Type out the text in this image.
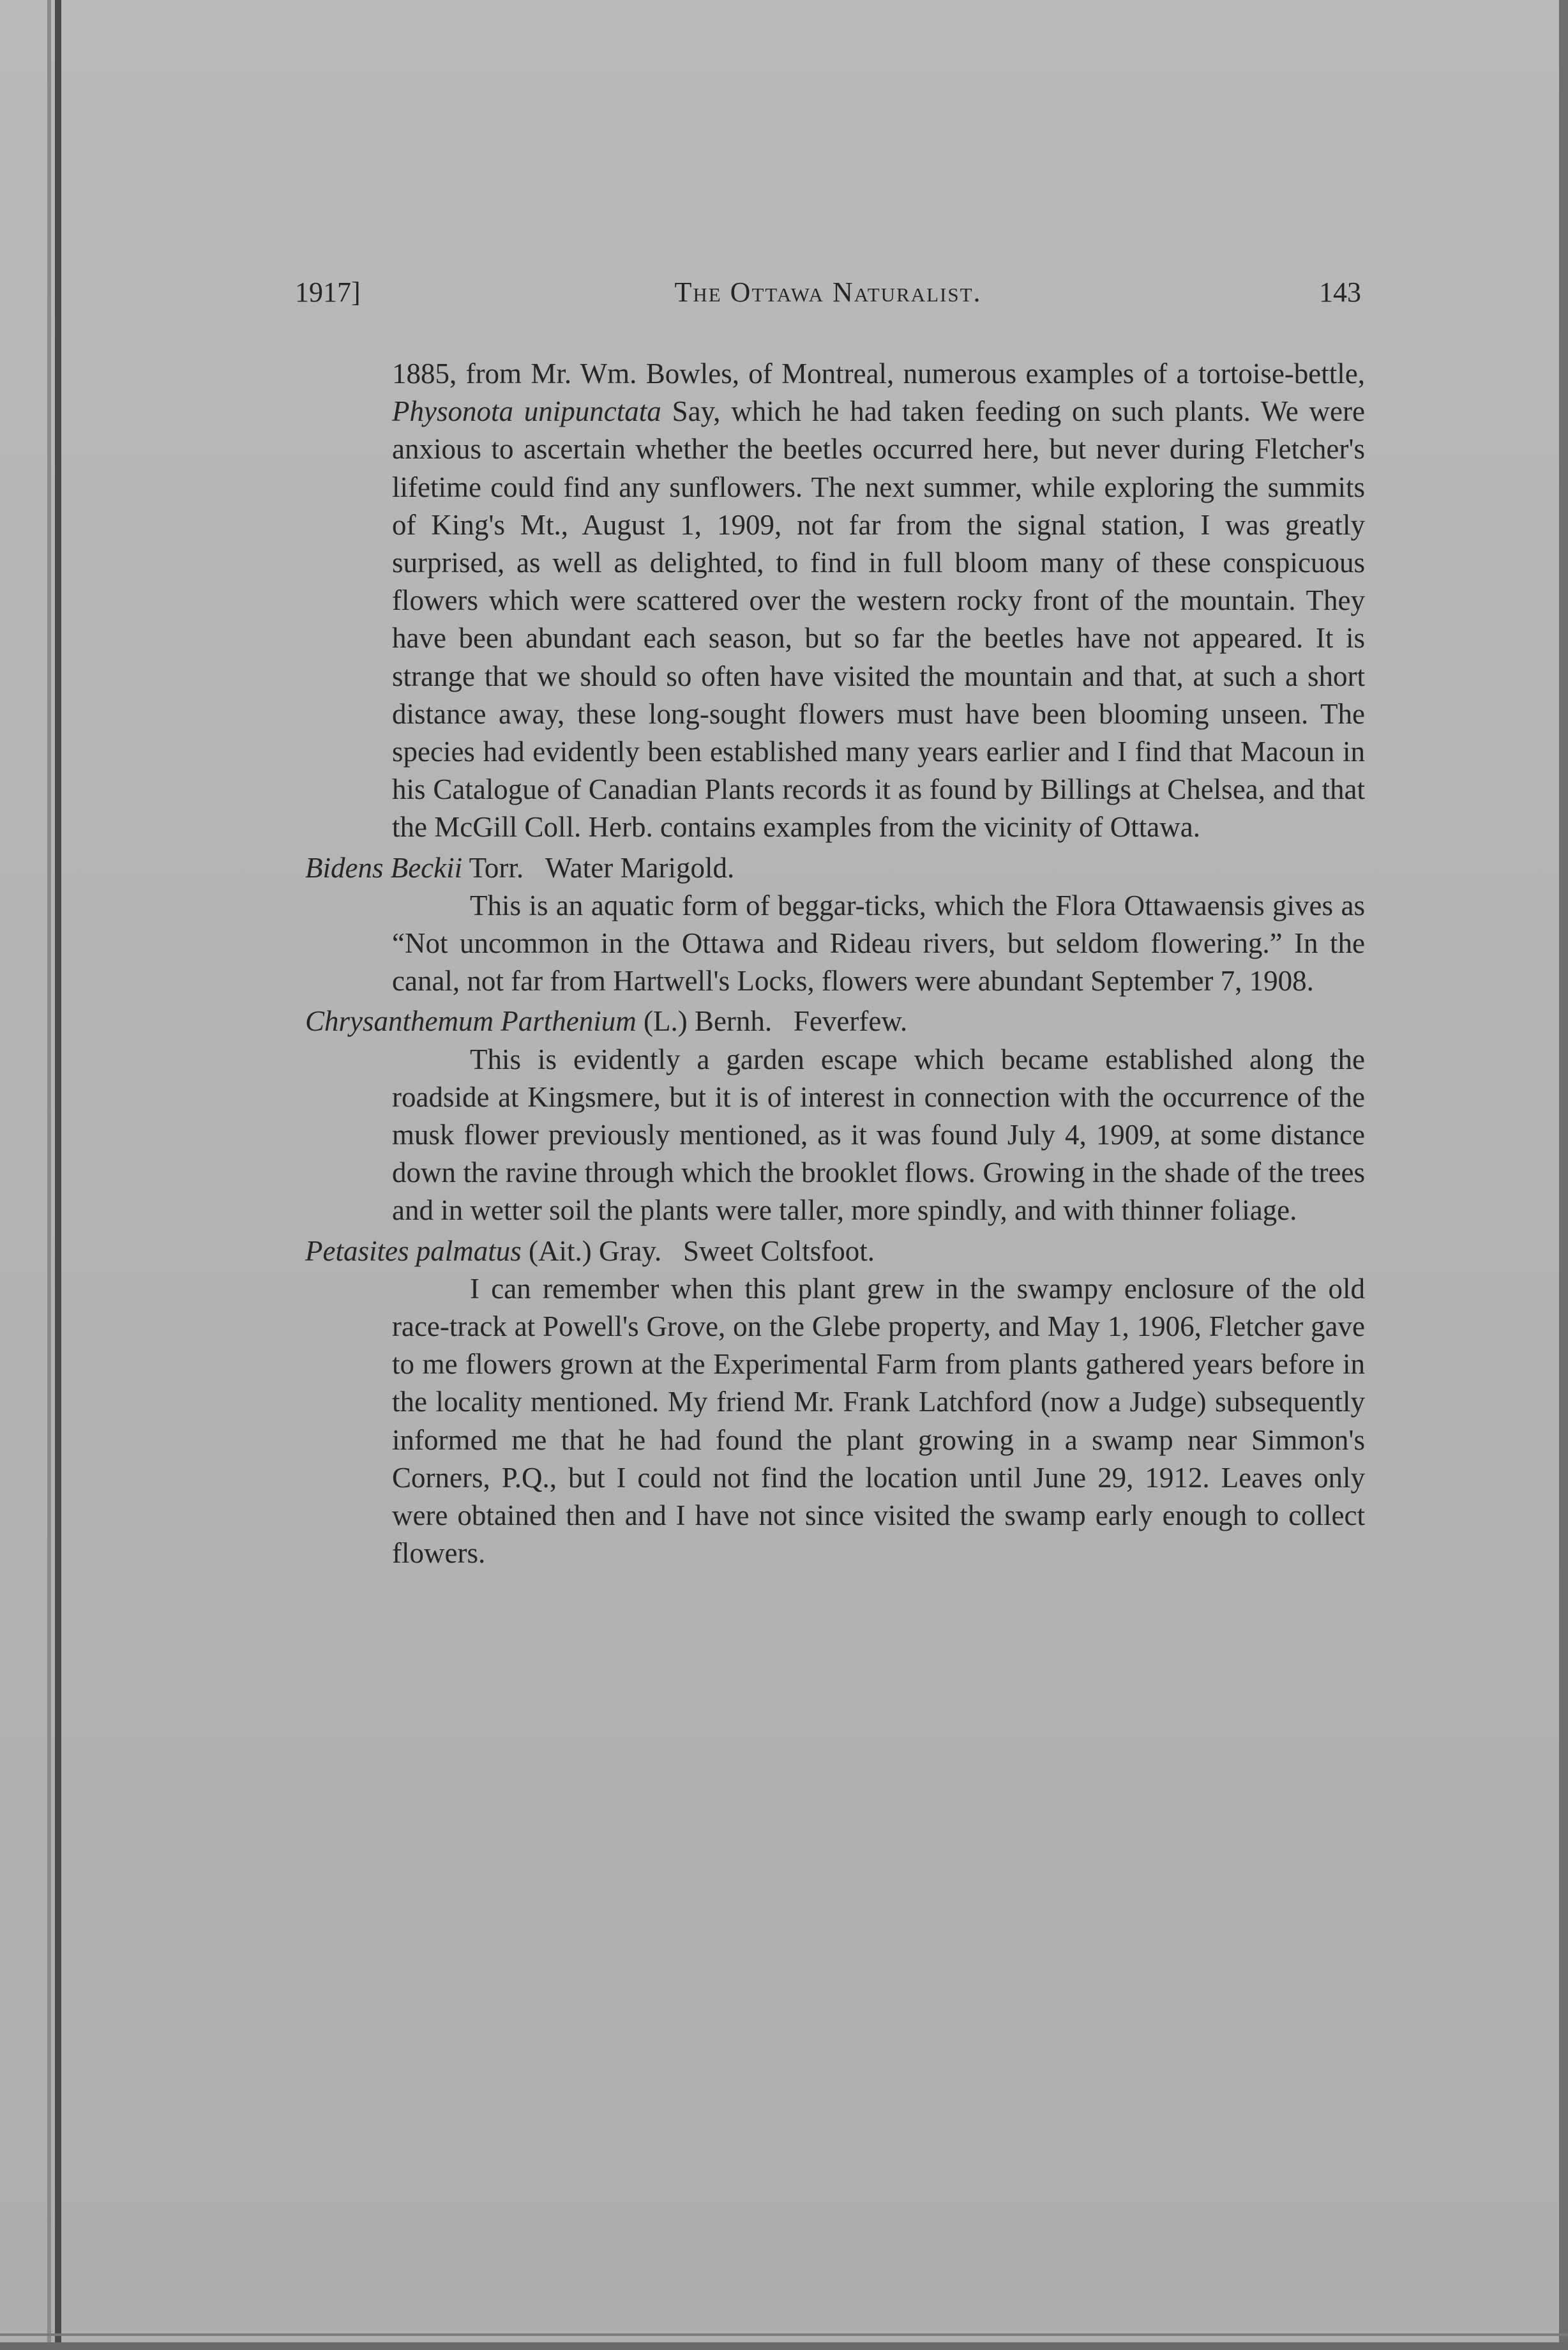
1917]	The Ottawa Naturalist.	143

1885, from Mr. Wm. Bowles, of Montreal, numerous examples of a tortoise-bettle, Physonota unipunctata Say, which he had taken feeding on such plants. We were anxious to ascertain whether the beetles occurred here, but never during Fletcher's lifetime could find any sunflowers. The next summer, while exploring the summits of King's Mt., August 1, 1909, not far from the signal station, I was greatly surprised, as well as delighted, to find in full bloom many of these conspicuous flowers which were scattered over the western rocky front of the mountain. They have been abundant each season, but so far the beetles have not appeared. It is strange that we should so often have visited the mountain and that, at such a short distance away, these long-sought flowers must have been blooming unseen. The species had evidently been established many years earlier and I find that Macoun in his Catalogue of Canadian Plants records it as found by Billings at Chelsea, and that the McGill Coll. Herb. contains examples from the vicinity of Ottawa.

Bidens Beckii Torr. Water Marigold.

This is an aquatic form of beggar-ticks, which the Flora Ottawaensis gives as “Not uncommon in the Ottawa and Rideau rivers, but seldom flowering.” In the canal, not far from Hartwell's Locks, flowers were abundant September 7, 1908.

Chrysanthemum Parthenium (L.) Bernh. Feverfew.

This is evidently a garden escape which became established along the roadside at Kingsmere, but it is of interest in connection with the occurrence of the musk flower previously mentioned, as it was found July 4, 1909, at some distance down the ravine through which the brooklet flows. Growing in the shade of the trees and in wetter soil the plants were taller, more spindly, and with thinner foliage.

Petasites palmatus (Ait.) Gray. Sweet Coltsfoot.

I can remember when this plant grew in the swampy enclosure of the old race-track at Powell's Grove, on the Glebe property, and May 1, 1906, Fletcher gave to me flowers grown at the Experimental Farm from plants gathered years before in the locality mentioned. My friend Mr. Frank Latchford (now a Judge) subsequently informed me that he had found the plant growing in a swamp near Simmon's Corners, P.Q., but I could not find the location until June 29, 1912. Leaves only were obtained then and I have not since visited the swamp early enough to collect flowers.
